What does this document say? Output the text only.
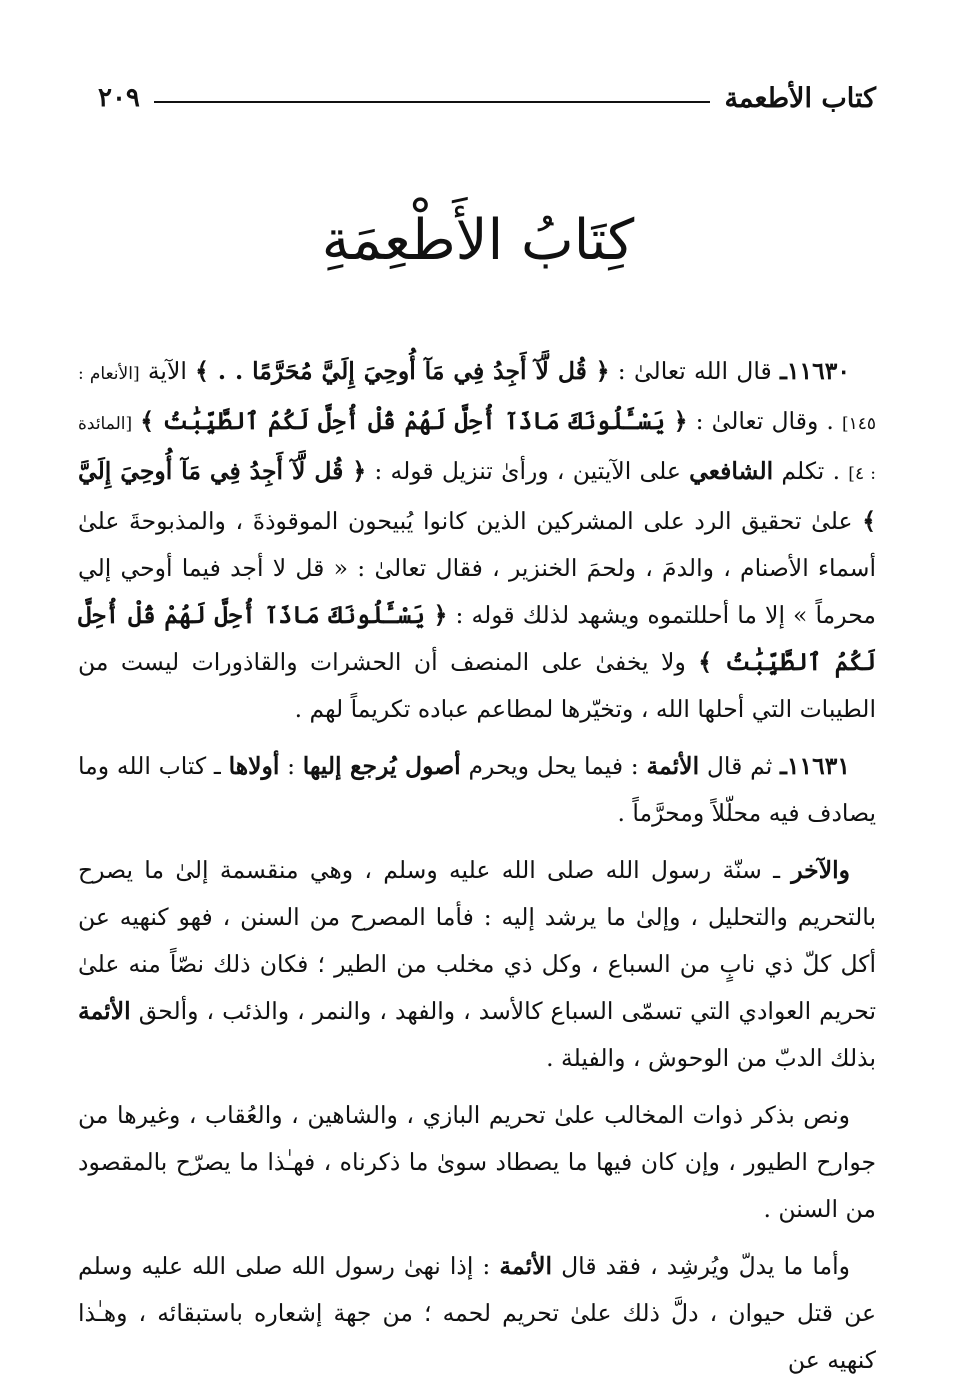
كتاب الأطعمة
٢٠٩
كِتَابُ الأَطْعِمَةِ

١١٦٣٠ـ قال الله تعالىٰ : ﴿ قُل لَّآ أَجِدُ فِي مَآ أُوحِيَ إِلَيَّ مُحَرَّمًا . . ﴾ الآية [الأنعام : ١٤٥] . وقال تعالىٰ : ﴿ يَسْـَٔلُونَكَ مَاذَآ أُحِلَّ لَهُمْ قُلْ أُحِلَّ لَكُمُ ٱلطَّيِّبَٰتُ ﴾ [المائدة : ٤] . تكلم الشافعي على الآيتين ، ورأىٰ تنزيل قوله : ﴿ قُل لَّآ أَجِدُ فِي مَآ أُوحِيَ إِلَيَّ ﴾ علىٰ تحقيق الرد على المشركين الذين كانوا يُبيحون الموقوذةَ ، والمذبوحةَ علىٰ أسماء الأصنام ، والدمَ ، ولحمَ الخنزير ، فقال تعالىٰ : « قل لا أجد فيما أوحي إلي محرماً » إلا ما أحللتموه ويشهد لذلك قوله : ﴿ يَسْـَٔلُونَكَ مَاذَآ أُحِلَّ لَهُمْ قُلْ أُحِلَّ لَكُمُ ٱلطَّيِّبَٰتُ ﴾ ولا يخفىٰ على المنصف أن الحشرات والقاذورات ليست من الطيبات التي أحلها الله ، وتخيّرها لمطاعم عباده تكريماً لهم .

١١٦٣١ـ ثم قال الأئمة : فيما يحل ويحرم أصول يُرجع إليها : أولاها ـ كتاب الله وما يصادف فيه محلّلاً ومحرَّماً .

والآخر ـ سنّة رسول الله صلى الله عليه وسلم ، وهي منقسمة إلىٰ ما يصرح بالتحريم والتحليل ، وإلىٰ ما يرشد إليه : فأما المصرح من السنن ، فهو كنهيه عن أكل كلّ ذي نابٍ من السباع ، وكل ذي مخلب من الطير ؛ فكان ذلك نصّاً منه علىٰ تحريم العوادي التي تسمّى السباع كالأسد ، والفهد ، والنمر ، والذئب ، وألحق الأئمة بذلك الدبّ من الوحوش ، والفيلة .

ونص بذكر ذوات المخالب علىٰ تحريم البازي ، والشاهين ، والعُقاب ، وغيرها من جوارح الطيور ، وإن كان فيها ما يصطاد سوىٰ ما ذكرناه ، فهـٰذا ما يصرّح بالمقصود من السنن .

وأما ما يدلّ ويُرشِد ، فقد قال الأئمة : إذا نهىٰ رسول الله صلى الله عليه وسلم عن قتل حيوان ، دلَّ ذلك علىٰ تحريم لحمه ؛ من جهة إشعاره باستبقائه ، وهـٰذا كنهيه عن
